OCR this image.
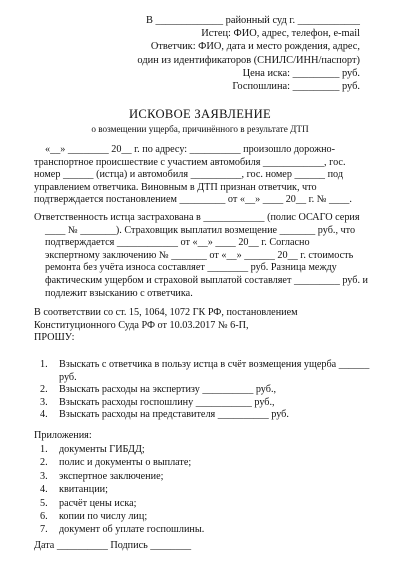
В _____________ районный суд г. ____________
Истец: ФИО, адрес, телефон, e-mail
Ответчик: ФИО, дата и место рождения, адрес,
один из идентификаторов (СНИЛС/ИНН/паспорт)
Цена иска: _________ руб.
Госпошлина: _________ руб.
ИСКОВОЕ ЗАЯВЛЕНИЕ
о возмещении ущерба, причинённого в результате ДТП
«__» ________ 20__ г. по адресу: __________ произошло дорожно-
транспортное происшествие с участием автомобиля ____________, гос.
номер ______ (истца) и автомобиля __________, гос. номер ______ под
управлением ответчика. Виновным в ДТП признан ответчик, что
подтверждается постановлением _________ от «__» ____ 20__ г. № ____.
Ответственность истца застрахована в ____________ (полис ОСАГО серия
____ № _______). Страховщик выплатил возмещение _______ руб., что
подтверждается ____________ от «__» ____ 20__ г. Согласно
экспертному заключению № _______ от «__» ______ 20__ г. стоимость
ремонта без учёта износа составляет ________ руб. Разница между
фактическим ущербом и страховой выплатой составляет _________ руб. и
подлежит взысканию с ответчика.
В соответствии со ст. 15, 1064, 1072 ГК РФ, постановлением
Конституционного Суда РФ от 10.03.2017 № 6-П,
ПРОШУ:
1.	Взыскать с ответчика в пользу истца в счёт возмещения ущерба ______
руб.
2.	Взыскать расходы на экспертизу __________ руб.,
3.	Взыскать расходы госпошлину ___________ руб.,
4.	Взыскать расходы на представителя __________ руб.
Приложения:
1.	документы ГИБДД;
2.	полис и документы о выплате;
3.	экспертное заключение;
4.	квитанции;
5.	расчёт цены иска;
6.	копии по числу лиц;
7.	документ об уплате госпошлины.
Дата __________ Подпись ________
